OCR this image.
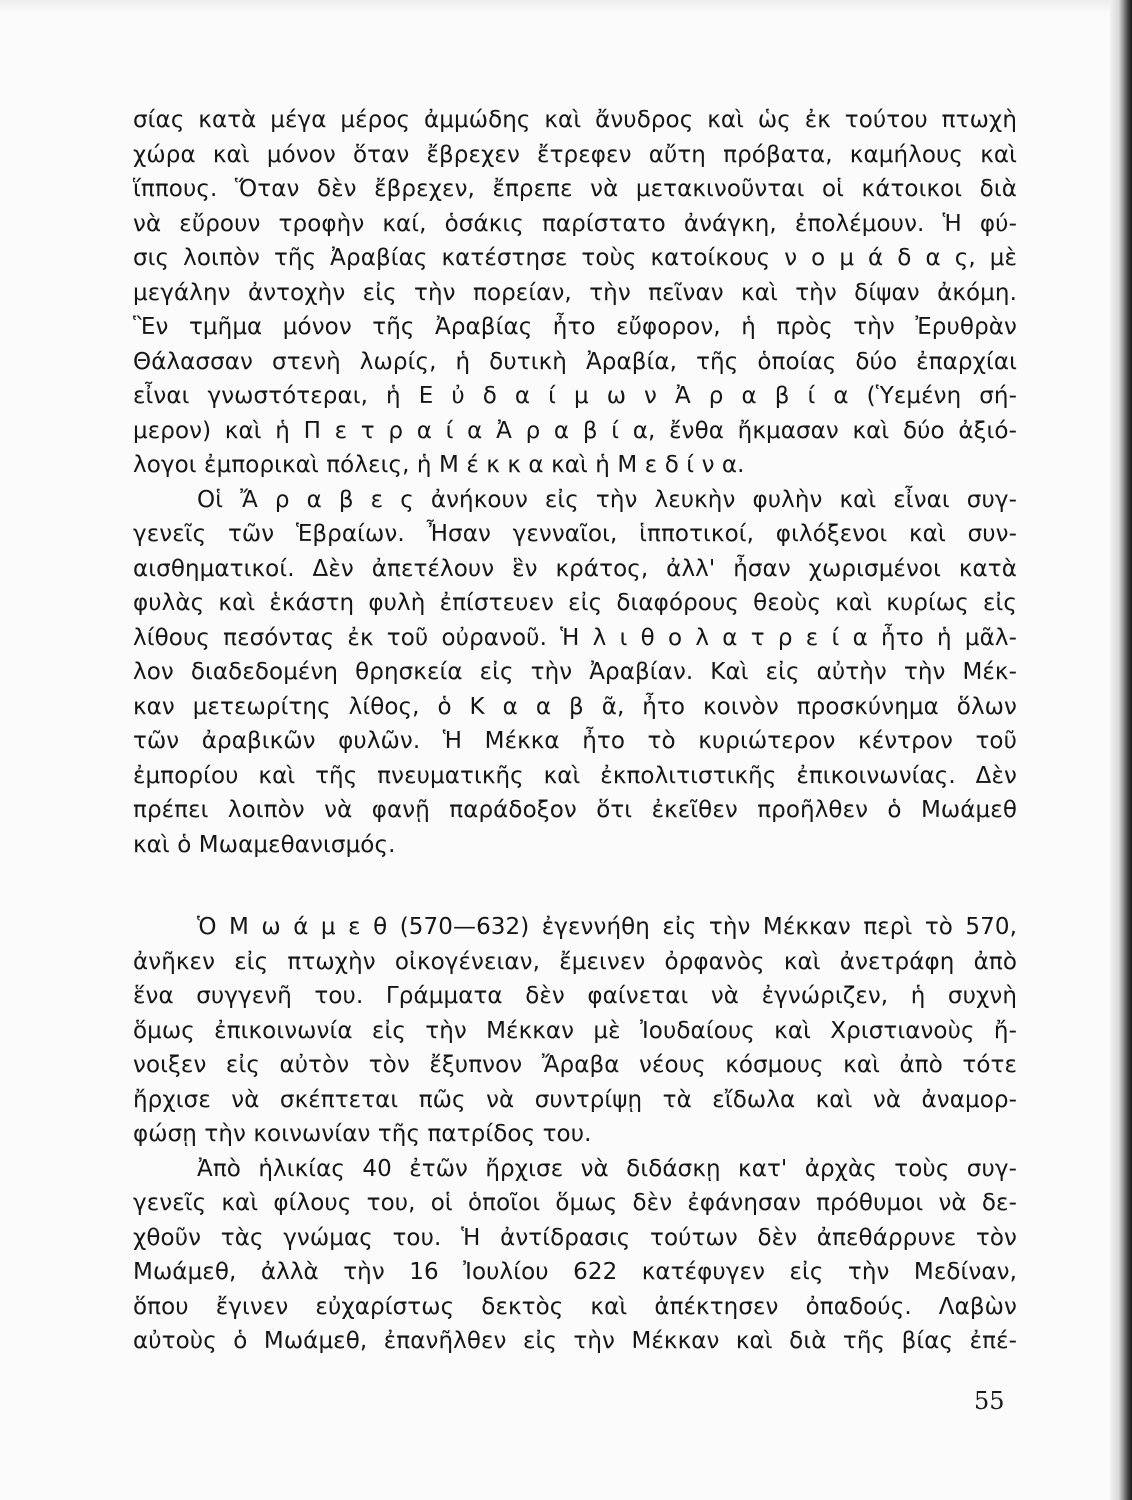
σίας κατὰ μέγα μέρος ἀμμώδης καὶ ἄνυδρος καὶ ὡς ἐκ τούτου πτωχὴ
χώρα καὶ μόνον ὅταν ἔβρεχεν ἔτρεφεν αὔτη πρόβατα, καμήλους καὶ
ἵππους. Ὅταν δὲν ἔβρεχεν, ἔπρεπε νὰ μετακινοῦνται οἱ κάτοικοι διὰ
νὰ εὔρουν τροφὴν καί, ὁσάκις παρίστατο ἀνάγκη, ἐπολέμουν. Ἡ φύ-
σις λοιπὸν τῆς Ἀραβίας κατέστησε τοὺς κατοίκους ν ο μ ά δ α ς, μὲ
μεγάλην ἀντοχὴν εἰς τὴν πορείαν, τὴν πεῖναν καὶ τὴν δίψαν ἀκόμη.
Ἓν τμῆμα μόνον τῆς Ἀραβίας ἦτο εὔφορον, ἡ πρὸς τὴν Ἐρυθρὰν
Θάλασσαν στενὴ λωρίς, ἡ δυτικὴ Ἀραβία, τῆς ὁποίας δύο ἐπαρχίαι
εἶναι γνωστότεραι, ἡ Ε ὐ δ α ί μ ω ν Ἀ ρ α β ί α (Ὑεμένη σή-
μερον) καὶ ἡ Π ε τ ρ α ί α Ἀ ρ α β ί α, ἔνθα ἤκμασαν καὶ δύο ἀξιό-
λογοι ἐμπορικαὶ πόλεις, ἡ Μ έ κ κ α καὶ ἡ Μ ε δ ί ν α.
Οἱ Ἄ ρ α β ε ς ἀνήκουν εἰς τὴν λευκὴν φυλὴν καὶ εἶναι συγ-
γενεῖς τῶν Ἑβραίων. Ἦσαν γενναῖοι, ἱππoτικοί, φιλόξενοι καὶ συν-
αισθηματικοί. Δὲν ἀπετέλουν ἓν κράτος, ἀλλ' ἦσαν χωρισμένοι κατὰ
φυλὰς καὶ ἑκάστη φυλὴ ἐπίστευεν εἰς διαφόρους θεοὺς καὶ κυρίως εἰς
λίθους πεσόντας ἐκ τοῦ οὐρανοῦ. Ἡ λ ι θ ο λ α τ ρ ε ί α ἦτο ἡ μᾶλ-
λον διαδεδομένη θρησκεία εἰς τὴν Ἀραβίαν. Καὶ εἰς αὐτὴν τὴν Μέκ-
καν μετεωρίτης λίθος, ὁ Κ α α β ᾶ, ἦτο κοινὸν προσκύνημα ὅλων
τῶν ἀραβικῶν φυλῶν. Ἡ Μέκκα ἦτο τὸ κυριώτερον κέντρον τοῦ
ἐμπορίου καὶ τῆς πνευματικῆς καὶ ἐκπολιτιστικῆς ἐπικοινωνίας. Δὲν
πρέπει λοιπὸν νὰ φανῇ παράδοξον ὅτι ἐκεῖθεν προῆλθεν ὁ Μωάμεθ
καὶ ὁ Μωαμεθανισμός.
Ὁ Μ ω ά μ ε θ (570—632) ἐγεννήθη εἰς τὴν Μέκκαν περὶ τὸ 570,
ἀνῆκεν εἰς πτωχὴν οἰκογένειαν, ἔμεινεν ὀρφανὸς καὶ ἀνετράφη ἀπὸ
ἕνα συγγενῆ του. Γράμματα δὲν φαίνεται νὰ ἐγνώριζεν, ἡ συχνὴ
ὅμως ἐπικοινωνία εἰς τὴν Μέκκαν μὲ Ἰουδαίους καὶ Χριστιανοὺς ἤ-
νοιξεν εἰς αὐτὸν τὸν ἔξυπνον Ἄραβα νέους κόσμους καὶ ἀπὸ τότε
ἤρχισε νὰ σκέπτεται πῶς νὰ συντρίψῃ τὰ εἴδωλα καὶ νὰ ἀναμορ-
φώσῃ τὴν κοινωνίαν τῆς πατρίδος του.
Ἀπὸ ἡλικίας 40 ἐτῶν ἤρχισε νὰ διδάσκῃ κατ' ἀρχὰς τοὺς συγ-
γενεῖς καὶ φίλους του, οἱ ὁποῖοι ὅμως δὲν ἐφάνησαν πρόθυμοι νὰ δε-
χθοῦν τὰς γνώμας του. Ἡ ἀντίδρασις τούτων δὲν ἀπεθάρρυνε τὸν
Μωάμεθ, ἀλλὰ τὴν 16 Ἰουλίου 622 κατέφυγεν εἰς τὴν Μεδίναν,
ὅπου ἔγινεν εὐχαρίστως δεκτὸς καὶ ἀπέκτησεν ὀπαδούς. Λαβὼν
αὐτοὺς ὁ Μωάμεθ, ἐπανῆλθεν εἰς τὴν Μέκκαν καὶ διὰ τῆς βίας ἐπέ-
55
